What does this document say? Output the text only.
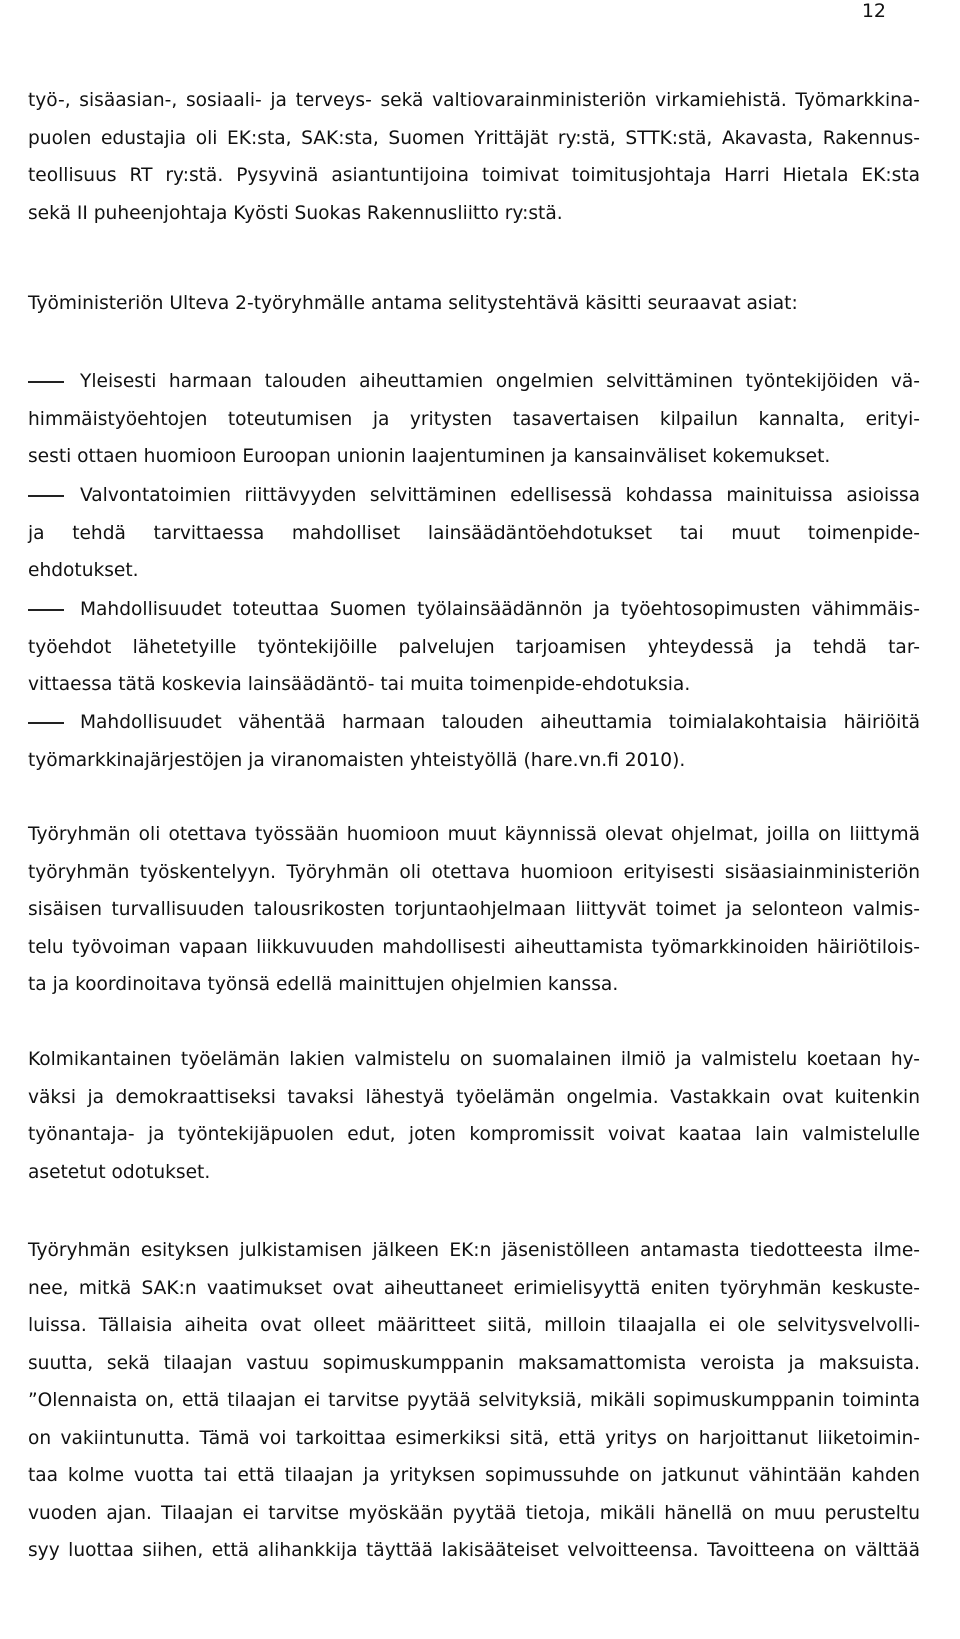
12
työ-, sisäasian-, sosiaali- ja terveys- sekä valtiovarainministeriön virkamiehistä. Työmarkkina-
puolen edustajia oli EK:sta, SAK:sta, Suomen Yrittäjät ry:stä, STTK:stä, Akavasta, Rakennus-
teollisuus RT ry:stä. Pysyvinä asiantuntijoina toimivat toimitusjohtaja Harri Hietala EK:sta
sekä II puheenjohtaja Kyösti Suokas Rakennusliitto ry:stä.
Työministeriön Ulteva 2-työryhmälle antama selitystehtävä käsitti seuraavat asiat:
Yleisesti harmaan talouden aiheuttamien ongelmien selvittäminen työntekijöiden vä-
himmäistyöehtojen toteutumisen ja yritysten tasavertaisen kilpailun kannalta, erityi-
sesti ottaen huomioon Euroopan unionin laajentuminen ja kansainväliset kokemukset.
Valvontatoimien riittävyyden selvittäminen edellisessä kohdassa mainituissa asioissa
ja tehdä tarvittaessa mahdolliset lainsäädäntöehdotukset tai muut toimenpide-
ehdotukset.
Mahdollisuudet toteuttaa Suomen työlainsäädännön ja työehtosopimusten vähimmäis-
työehdot lähetetyille työntekijöille palvelujen tarjoamisen yhteydessä ja tehdä tar-
vittaessa tätä koskevia lainsäädäntö- tai muita toimenpide-ehdotuksia.
Mahdollisuudet vähentää harmaan talouden aiheuttamia toimialakohtaisia häiriöitä
työmarkkinajärjestöjen ja viranomaisten yhteistyöllä (hare.vn.fi 2010).
Työryhmän oli otettava työssään huomioon muut käynnissä olevat ohjelmat, joilla on liittymä
työryhmän työskentelyyn. Työryhmän oli otettava huomioon erityisesti sisäasiainministeriön
sisäisen turvallisuuden talousrikosten torjuntaohjelmaan liittyvät toimet ja selonteon valmis-
telu työvoiman vapaan liikkuvuuden mahdollisesti aiheuttamista työmarkkinoiden häiriötilois-
ta ja koordinoitava työnsä edellä mainittujen ohjelmien kanssa.
Kolmikantainen työelämän lakien valmistelu on suomalainen ilmiö ja valmistelu koetaan hy-
väksi ja demokraattiseksi tavaksi lähestyä työelämän ongelmia. Vastakkain ovat kuitenkin
työnantaja- ja työntekijäpuolen edut, joten kompromissit voivat kaataa lain valmistelulle
asetetut odotukset.
Työryhmän esityksen julkistamisen jälkeen EK:n jäsenistölleen antamasta tiedotteesta ilme-
nee, mitkä SAK:n vaatimukset ovat aiheuttaneet erimielisyyttä eniten työryhmän keskuste-
luissa. Tällaisia aiheita ovat olleet määritteet siitä, milloin tilaajalla ei ole selvitysvelvolli-
suutta, sekä tilaajan vastuu sopimuskumppanin maksamattomista veroista ja maksuista.
”Olennaista on, että tilaajan ei tarvitse pyytää selvityksiä, mikäli sopimuskumppanin toiminta
on vakiintunutta. Tämä voi tarkoittaa esimerkiksi sitä, että yritys on harjoittanut liiketoimin-
taa kolme vuotta tai että tilaajan ja yrityksen sopimussuhde on jatkunut vähintään kahden
vuoden ajan. Tilaajan ei tarvitse myöskään pyytää tietoja, mikäli hänellä on muu perusteltu
syy luottaa siihen, että alihankkija täyttää lakisääteiset velvoitteensa. Tavoitteena on välttää
